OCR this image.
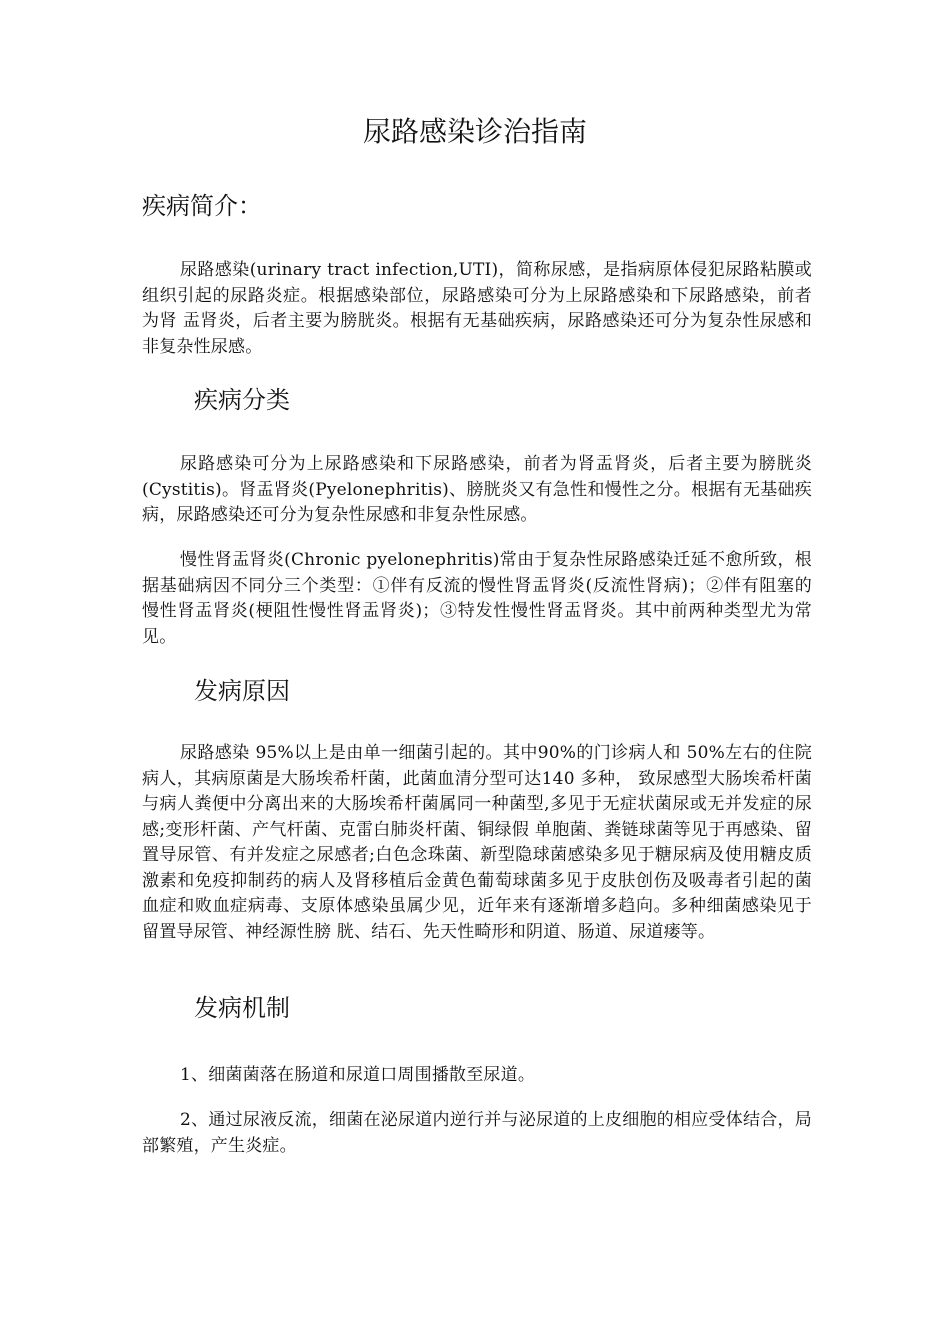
尿路感染诊治指南
疾病简介：

尿路感染(urinary tract infection,UTI)，简称尿感，是指病原体侵犯尿路粘膜或组织引起的尿路炎症。根据感染部位，尿路感染可分为上尿路感染和下尿路感染，前者为肾 盂肾炎，后者主要为膀胱炎。根据有无基础疾病，尿路感染还可分为复杂性尿感和非复杂性尿感。

疾病分类

尿路感染可分为上尿路感染和下尿路感染，前者为肾盂肾炎，后者主要为膀胱炎(Cystitis)。肾盂肾炎(Pyelonephritis)、膀胱炎又有急性和慢性之分。根据有无基础疾病，尿路感染还可分为复杂性尿感和非复杂性尿感。

慢性肾盂肾炎(Chronic pyelonephritis)常由于复杂性尿路感染迁延不愈所致，根据基础病因不同分三个类型：①伴有反流的慢性肾盂肾炎(反流性肾病)；②伴有阻塞的 慢性肾盂肾炎(梗阻性慢性肾盂肾炎)；③特发性慢性肾盂肾炎。其中前两种类型尤为常见。

发病原因

尿路感染 95%以上是由单一细菌引起的。其中90%的门诊病人和 50%左右的住院病人，其病原菌是大肠埃希杆菌，此菌血清分型可达140 多种， 致尿感型大肠埃希杆菌与病人粪便中分离出来的大肠埃希杆菌属同一种菌型,多见于无症状菌尿或无并发症的尿感;变形杆菌、产气杆菌、克雷白肺炎杆菌、铜绿假 单胞菌、粪链球菌等见于再感染、留置导尿管、有并发症之尿感者;白色念珠菌、新型隐球菌感染多见于糖尿病及使用糖皮质激素和免疫抑制药的病人及肾移植后金黄色葡萄球菌多见于皮肤创伤及吸毒者引起的菌血症和败血症病毒、支原体感染虽属少见，近年来有逐渐增多趋向。多种细菌感染见于留置导尿管、神经源性膀 胱、结石、先天性畸形和阴道、肠道、尿道瘘等。

发病机制

1、细菌菌落在肠道和尿道口周围播散至尿道。

2、通过尿液反流，细菌在泌尿道内逆行并与泌尿道的上皮细胞的相应受体结合，局部繁殖，产生炎症。
